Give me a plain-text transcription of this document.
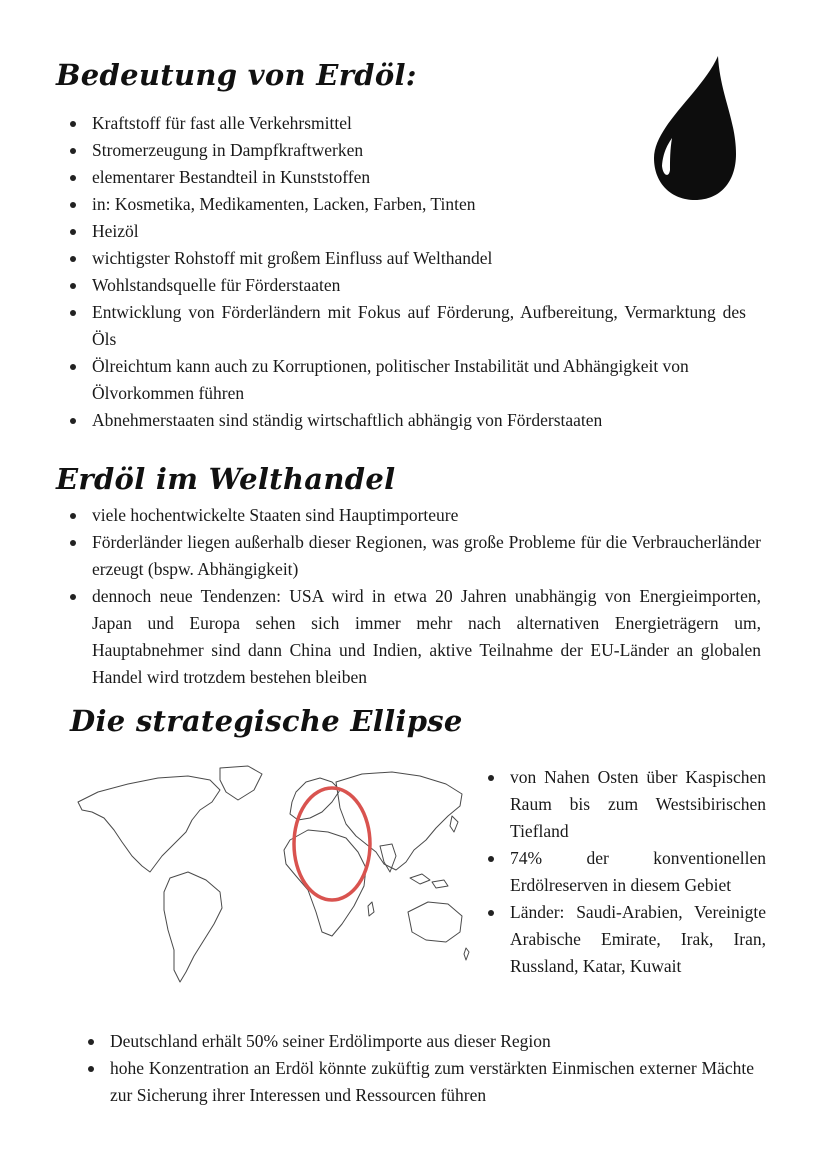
Bedeutung von Erdöl:
Kraftstoff für fast alle Verkehrsmittel
Stromerzeugung in Dampfkraftwerken
elementarer Bestandteil in Kunststoffen
in: Kosmetika, Medikamenten, Lacken, Farben, Tinten
Heizöl
wichtigster Rohstoff mit großem Einfluss auf Welthandel
Wohlstandsquelle für Förderstaaten
Entwicklung von Förderländern mit Fokus auf Förderung, Aufbereitung, Vermarktung des Öls
Ölreichtum kann auch zu Korruptionen, politischer Instabilität und Abhängigkeit von Ölvorkommen führen
Abnehmerstaaten sind ständig wirtschaftlich abhängig von Förderstaaten
Erdöl im Welthandel
viele hochentwickelte Staaten sind Hauptimporteure
Förderländer liegen außerhalb dieser Regionen, was große Probleme für die Verbraucherländer erzeugt (bspw. Abhängigkeit)
dennoch neue Tendenzen: USA wird in etwa 20 Jahren unabhängig von Energieimporten, Japan und Europa sehen sich immer mehr nach alternativen Energieträgern um, Hauptabnehmer sind dann China und Indien, aktive Teilnahme der EU-Länder an globalen Handel wird trotzdem bestehen bleiben
Die strategische Ellipse
von Nahen Osten über Kaspischen Raum bis zum Westsibirischen Tiefland
74% der konventionellen Erdölreserven in diesem Gebiet
Länder: Saudi-Arabien, Vereinigte Arabische Emirate, Irak, Iran, Russland, Katar, Kuwait
Deutschland erhält 50% seiner Erdölimporte aus dieser Region
hohe Konzentration an Erdöl könnte zuküftig zum verstärkten Einmischen externer Mächte zur Sicherung ihrer Interessen und Ressourcen führen
